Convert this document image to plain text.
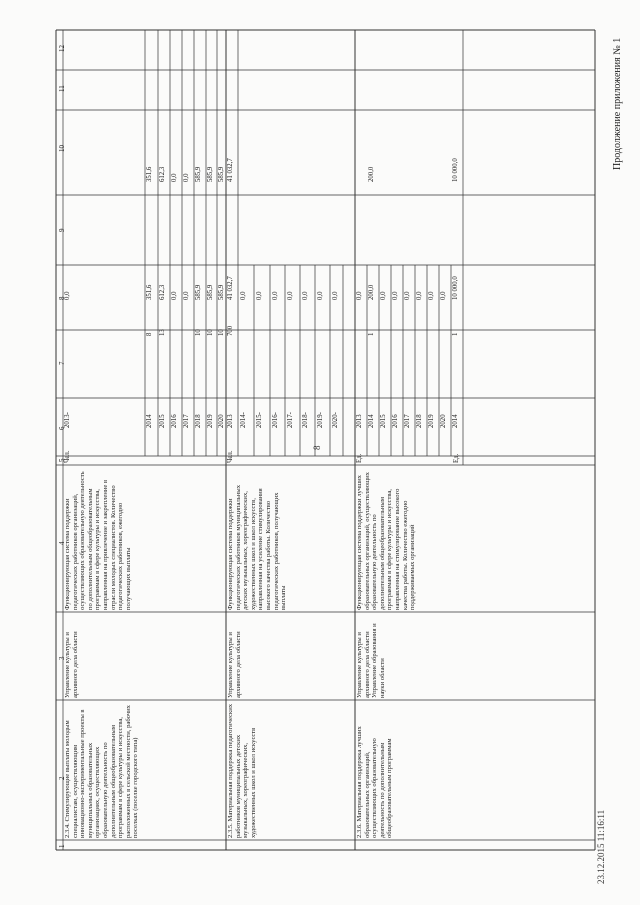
Продолжение приложения № 1
8
23.12.2015 11:16:11
1
2
3
4
5
6
7
8
9
10
11
12
2.3.4. Стимулирующие выплаты молодым специалистам, осуществляющим инновационно-экспериментальные проекты в муниципальных образовательных организациях, осуществляющих образовательную деятельность по дополнительным общеобразовательным программам в сфере культуры и искусства, расположенных в сельской местности, рабочих поселках (поселке городского типа)
Управление культуры и архивного дела области
Функционирующая система поддержки педагогических работников организаций, осуществляющих образовательную деятельность по дополнительным общеобразовательным программам в сфере культуры и искусства, направленная на привлечение и закрепление в отрасли молодых специалистов. Количество педагогических работников, ежегодно получающих выплаты
Чел.
2013-
0,0
2014
8
351,6
351,6
2015
13
612,3
612,3
2016
0,0
0,0
2017
0,0
0,0
2018
10
585,9
585,9
2019
10
585,9
585,9
2020
10
585,9
585,9
2.3.5. Материальная поддержка педагогических работников муниципальных детских музыкальных, хореографических, художественных школ и школ искусств
Управление культуры и архивного дела области
Функционирующая система поддержки педагогических работников муниципальных детских музыкальных, хореографических, художественных школ и школ искусств, направленная на усиление стимулирования высокого качества работы. Количество педагогических работников, получающих выплаты
Чел.
2013
700
41 032,7
41 032,7
2014-
0,0
2015-
0,0
2016-
0,0
2017-
0,0
2018-
0,0
2019-
0,0
2020-
0,0
2.3.6. Материальная поддержка лучших образовательных организаций, осуществляющих образовательную деятельность по дополнительным общеобразовательным программам
Управление культуры и архивного дела области Управление образования и науки области
Функционирующая система поддержки лучших образовательных организаций, осуществляющих образовательную деятельность по дополнительным общеобразовательным программам в сфере культуры и искусства, направленная на стимулирование высокого качества работы. Количество ежегодно поддерживаемых организаций
Ед.	Ед.
2013
0,0
2014
1
200,0
200,0
2015
0,0
2016
0,0
2017
0,0
2018
0,0
2019
0,0
2020
0,0
2014
1
10 000,0
10 000,0
